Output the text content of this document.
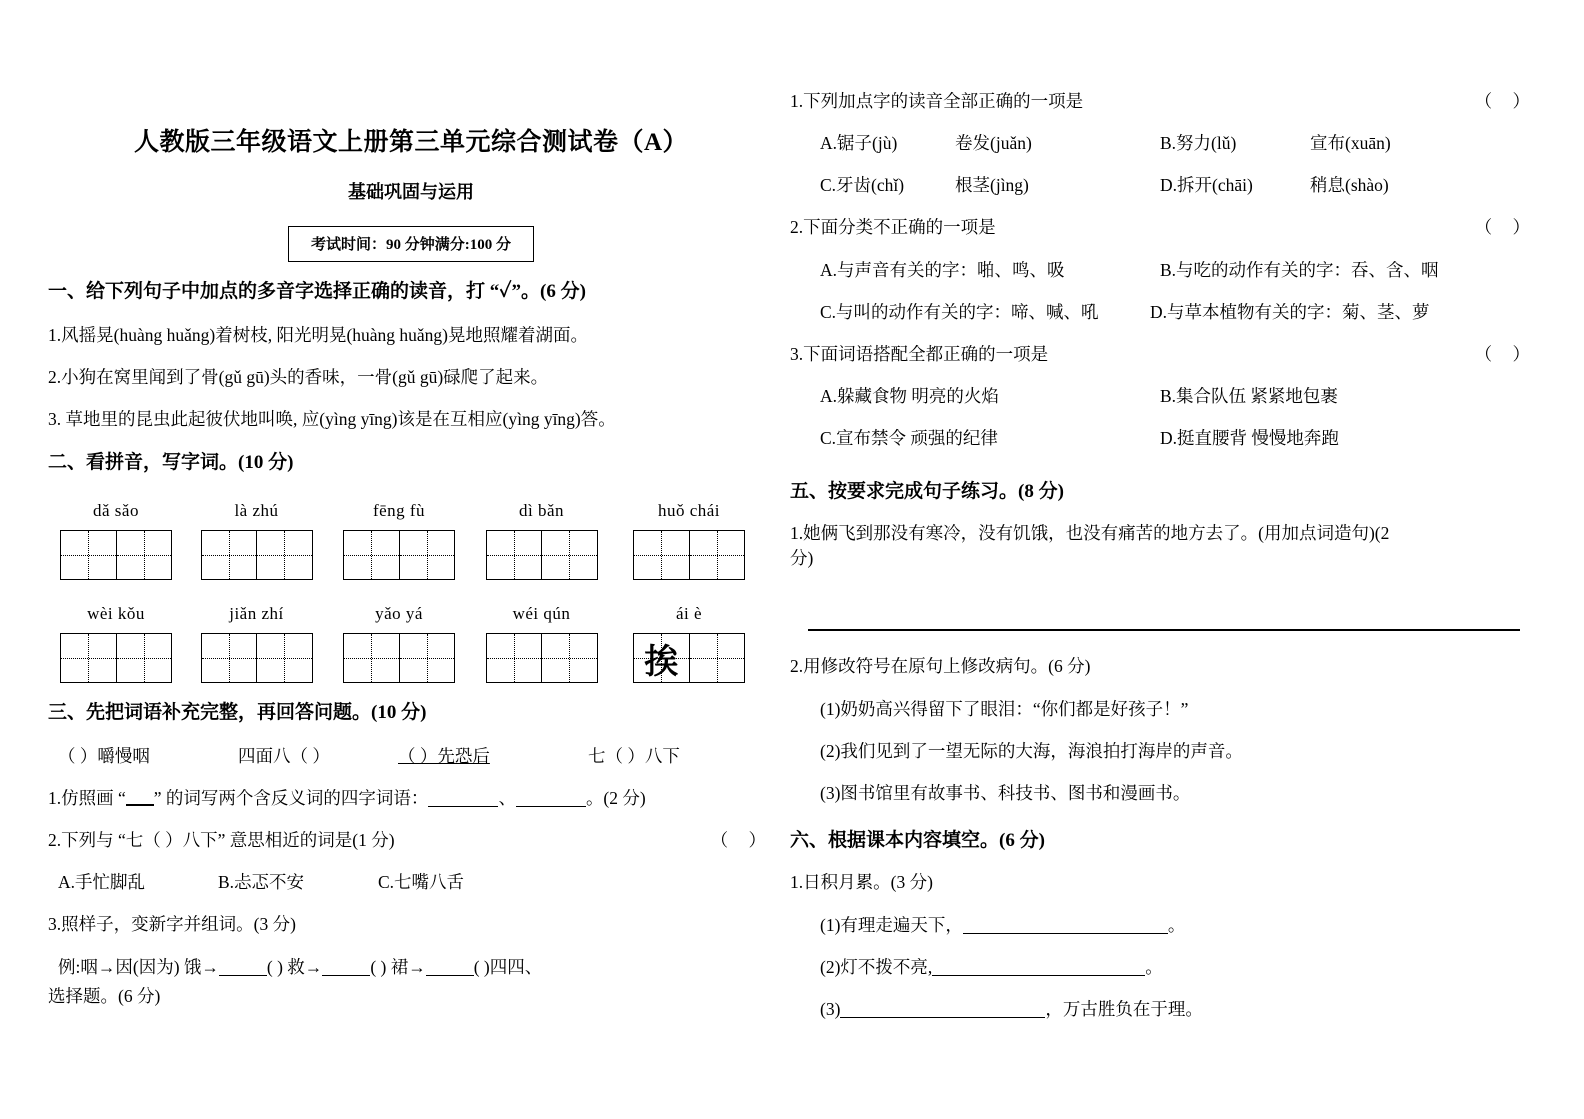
人教版三年级语文上册第三单元综合测试卷（A）
基础巩固与运用
考试时间：90 分钟满分:100 分
一、给下列句子中加点的多音字选择正确的读音，打 “✓”。(6 分)
1.风摇晃(huàng huǎng)着树枝, 阳光明晃(huàng huǎng)晃地照耀着湖面。
2.小狗在窝里闻到了骨(gǔ gū)头的香味，一骨(gǔ gū)碌爬了起来。
3. 草地里的昆虫此起彼伏地叫唤, 应(yìng yīng)该是在互相应(yìng yīng)答。
二、看拼音，写字词。(10 分)
dǎ sǎo	là zhú	fēng fù	dì bǎn	huǒ chái
wèi kǒu	jiǎn zhí	yǎo yá	wéi qún	ái è
挨
三、先把词语补充完整，再回答问题。(10 分)
（ ）嚼慢咽	四面八（ ）	（ ）先恐后	七（ ）八下
1.仿照画 “ ” 的词写两个含反义词的四字词语：	、	。(2 分)
（ ）
2.下列与 “七（ ）八下” 意思相近的词是(1 分)
A.手忙脚乱	B.忐忑不安	C.七嘴八舌
3.照样子，变新字并组词。(3 分)
例:咽→因(因为) 饿→	( ) 救→	( ) 裙→	( )四四、
选择题。(6 分)
（ ）
1.下列加点字的读音全部正确的一项是
A.锯子(jù)	卷发(juǎn)	B.努力(lǔ)	宣布(xuān)
C.牙齿(chǐ)	根茎(jìng)	D.拆开(chāi)	稍息(shào)
（ ）
2.下面分类不正确的一项是
A.与声音有关的字：啪、鸣、吸	B.与吃的动作有关的字：吞、含、咽
C.与叫的动作有关的字：啼、喊、吼	D.与草本植物有关的字：菊、茎、萝
（ ）
3.下面词语搭配全都正确的一项是
A.躲藏食物 明亮的火焰	B.集合队伍 紧紧地包裹
C.宣布禁令 顽强的纪律	D.挺直腰背 慢慢地奔跑
五、按要求完成句子练习。(8 分)
1.她俩飞到那没有寒冷，没有饥饿，也没有痛苦的地方去了。(用加点词造句)(2
分)
2.用修改符号在原句上修改病句。(6 分)
(1)奶奶高兴得留下了眼泪：“你们都是好孩子！”
(2)我们见到了一望无际的大海，海浪拍打海岸的声音。
(3)图书馆里有故事书、科技书、图书和漫画书。
六、根据课本内容填空。(6 分)
1.日积月累。(3 分)
(1)有理走遍天下，	。
(2)灯不拨不亮,	。
(3)	，万古胜负在于理。
